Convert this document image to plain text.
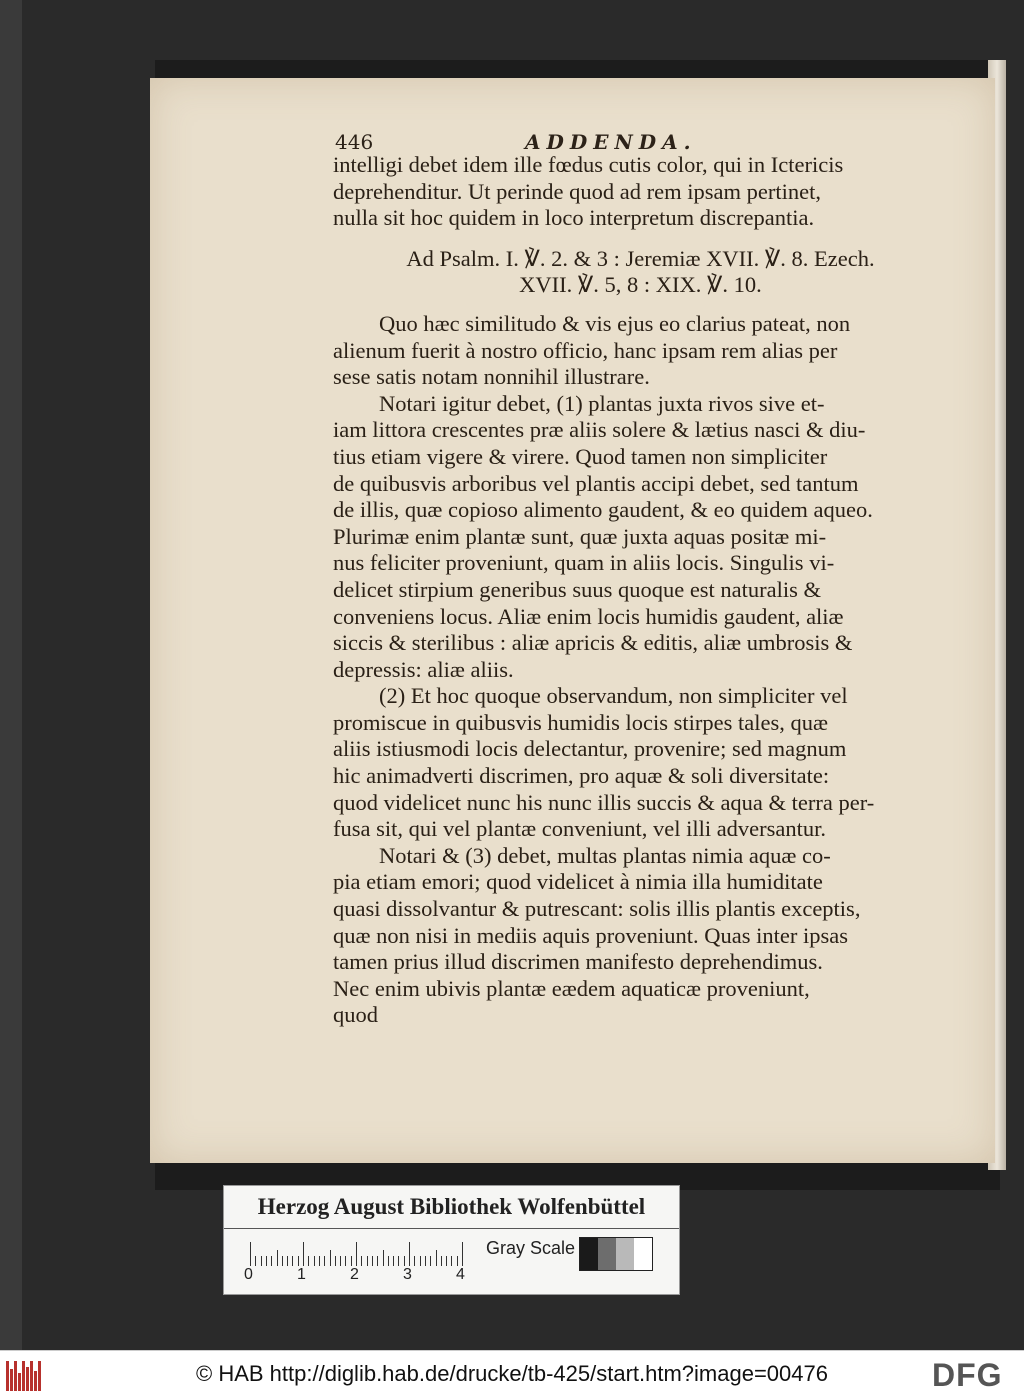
446	ADDENDA.

intelligi debet idem ille fœdus cutis color, qui in Ictericis
deprehenditur. Ut perinde quod ad rem ipsam pertinet,
nulla sit hoc quidem in loco interpretum discrepantia.

Ad Psalm. I. ℣. 2. & 3 : Jeremiæ XVII. ℣. 8. Ezech.
XVII. ℣. 5, 8 : XIX. ℣. 10.

Quo hæc similitudo & vis ejus eo clarius pateat, non
alienum fuerit à nostro officio, hanc ipsam rem alias per
sese satis notam nonnihil illustrare.

Notari igitur debet, (1) plantas juxta rivos sive et-
iam littora crescentes præ aliis solere & lætius nasci & diu-
tius etiam vigere & virere. Quod tamen non simpliciter
de quibusvis arboribus vel plantis accipi debet, sed tantum
de illis, quæ copioso alimento gaudent, & eo quidem aqueo.
Plurimæ enim plantæ sunt, quæ juxta aquas positæ mi-
nus feliciter proveniunt, quam in aliis locis. Singulis vi-
delicet stirpium generibus suus quoque est naturalis &
conveniens locus. Aliæ enim locis humidis gaudent, aliæ
siccis & sterilibus : aliæ apricis & editis, aliæ umbrosis &
depressis: aliæ aliis.

(2) Et hoc quoque observandum, non simpliciter vel
promiscue in quibusvis humidis locis stirpes tales, quæ
aliis istiusmodi locis delectantur, provenire; sed magnum
hic animadverti discrimen, pro aquæ & soli diversitate:
quod videlicet nunc his nunc illis succis & aqua & terra per-
fusa sit, qui vel plantæ conveniunt, vel illi adversantur.

Notari & (3) debet, multas plantas nimia aquæ co-
pia etiam emori; quod videlicet à nimia illa humiditate
quasi dissolvantur & putrescant: solis illis plantis exceptis,
quæ non nisi in mediis aquis proveniunt. Quas inter ipsas
tamen prius illud discrimen manifesto deprehendimus.
Nec enim ubivis plantæ eædem aquaticæ proveniunt,

quod

Herzog August Bibliothek Wolfenbüttel
0	1	2	3	4
Gray Scale
© HAB http://diglib.hab.de/drucke/tb-425/start.htm?image=00476	DFG
